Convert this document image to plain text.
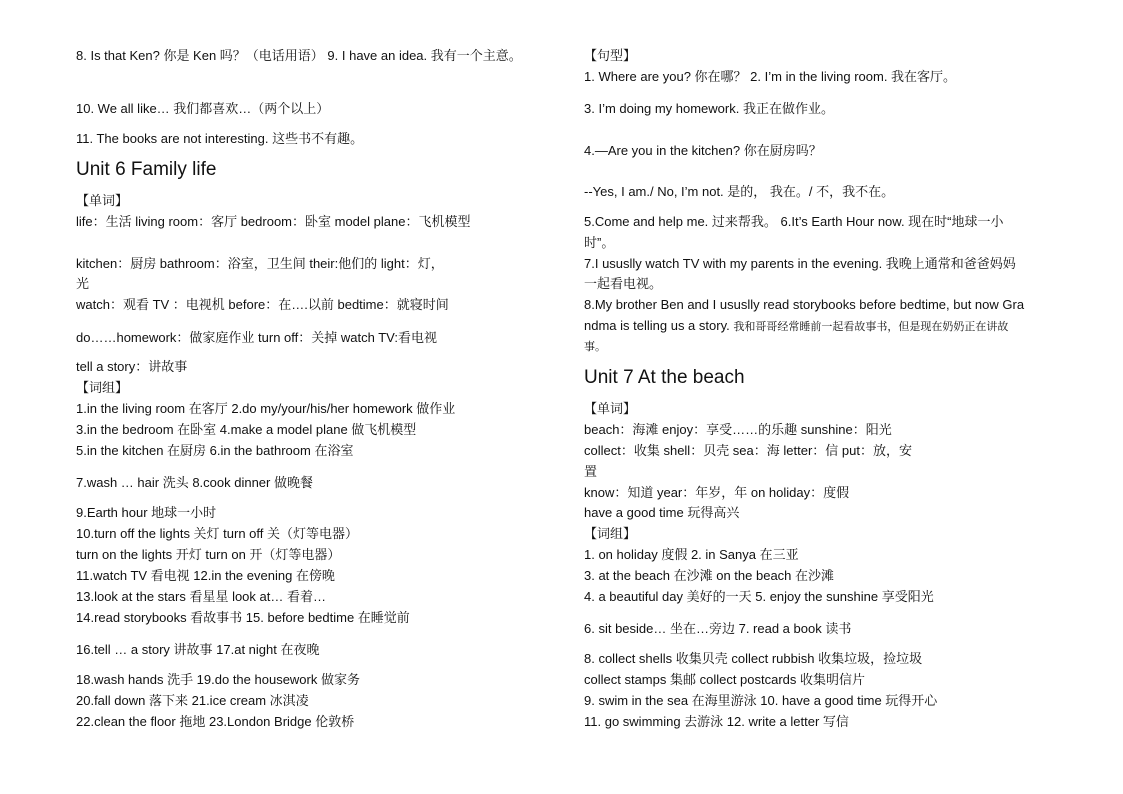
8. Is that Ken? 你是 Ken 吗？（电话用语） 9. I have an idea. 我有一个主意。
10. We all like… 我们都喜欢…（两个以上）
11. The books are not interesting. 这些书不有趣。
Unit 6 Family life
【单词】
life：生活 living room：客厅 bedroom：卧室 model plane：飞机模型
kitchen：厨房 bathroom：浴室，卫生间 their:他们的 light：灯，
光
watch：观看 TV ：电视机 before：在….以前 bedtime：就寝时间
do……homework：做家庭作业 turn off：关掉 watch TV:看电视
tell a story：讲故事
【词组】
1.in the living room 在客厅 2.do my/your/his/her homework 做作业
3.in the bedroom 在卧室 4.make a model plane 做飞机模型
5.in the kitchen 在厨房 6.in the bathroom 在浴室
7.wash … hair 洗头 8.cook dinner 做晚餐
9.Earth hour 地球一小时
10.turn off the lights 关灯 turn off 关（灯等电器）
turn on the lights 开灯 turn on 开（灯等电器）
11.watch TV 看电视 12.in the evening 在傍晚
13.look at the stars 看星星 look at… 看着…
14.read storybooks 看故事书 15. before bedtime 在睡觉前
16.tell … a story 讲故事 17.at night 在夜晚
18.wash hands 洗手 19.do the housework 做家务
20.fall down 落下来 21.ice cream 冰淇凌
22.clean the floor 拖地 23.London Bridge 伦敦桥
【句型】
1. Where are you? 你在哪？ 2. I’m in the living room. 我在客厅。
3. I’m doing my homework. 我正在做作业。
4.—Are you in the kitchen? 你在厨房吗？
--Yes, I am./ No, I’m not. 是的， 我在。/ 不，我不在。
5.Come and help me. 过来帮我。 6.It’s Earth Hour now. 现在时“地球一小
时”。
7.I ususlly watch TV with my parents in the evening. 我晚上通常和爸爸妈妈
一起看电视。
8.My brother Ben and I ususlly read storybooks before bedtime, but now Gra
ndma is telling us a story. 我和哥哥经常睡前一起看故事书，但是现在奶奶正在讲故
事。
Unit 7 At the beach
【单词】
beach：海滩 enjoy：享受……的乐趣 sunshine：阳光
collect：收集 shell：贝壳 sea：海 letter：信 put：放，安
置
know：知道 year：年岁，年 on holiday：度假
have a good time 玩得高兴
【词组】
1. on holiday 度假 2. in Sanya 在三亚
3. at the beach 在沙滩 on the beach 在沙滩
4. a beautiful day 美好的一天 5. enjoy the sunshine 享受阳光
6. sit beside… 坐在…旁边 7. read a book 读书
8. collect shells 收集贝壳 collect rubbish 收集垃圾，捡垃圾
collect stamps 集邮 collect postcards 收集明信片
9. swim in the sea 在海里游泳 10. have a good time 玩得开心
11. go swimming 去游泳 12. write a letter 写信
